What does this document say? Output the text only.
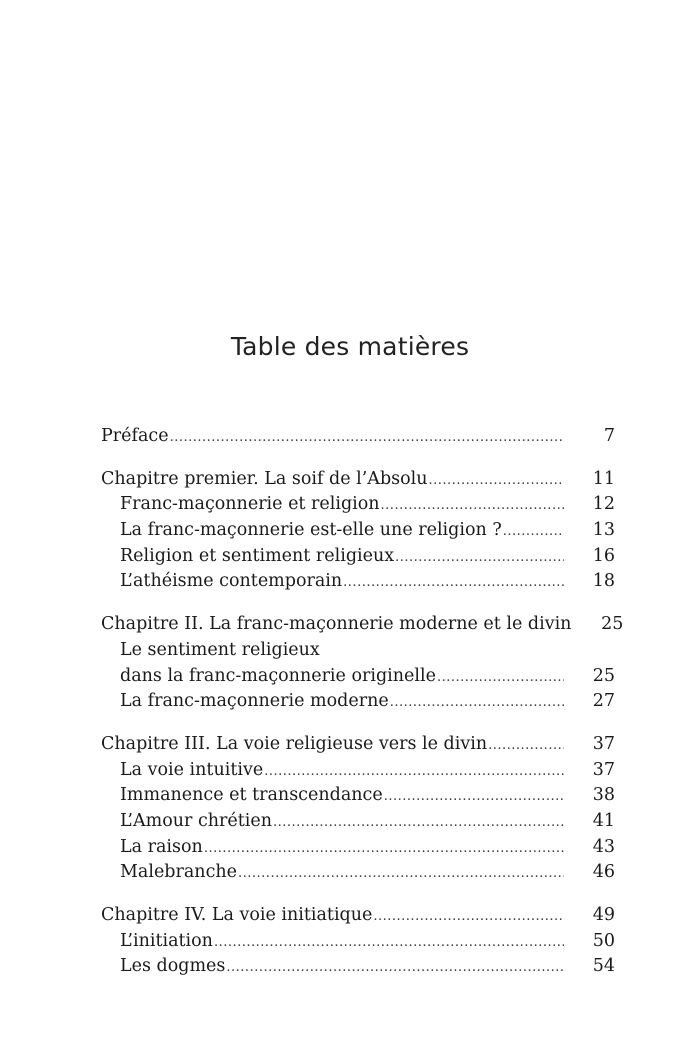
Table des matières
Préface .....	7
Chapitre premier. La soif de l’Absolu .....	11
Franc-maçonnerie et religion .....	12
La franc-maçonnerie est-elle une religion ? .....	13
Religion et sentiment religieux .....	16
L’athéisme contemporain .....	18
Chapitre II. La franc-maçonnerie moderne et le divin	25
Le sentiment religieux
dans la franc-maçonnerie originelle .....	25
La franc-maçonnerie moderne .....	27
Chapitre III. La voie religieuse vers le divin .....	37
La voie intuitive .....	37
Immanence et transcendance .....	38
L’Amour chrétien .....	41
La raison .....	43
Malebranche .....	46
Chapitre IV. La voie initiatique .....	49
L’initiation .....	50
Les dogmes .....	54
